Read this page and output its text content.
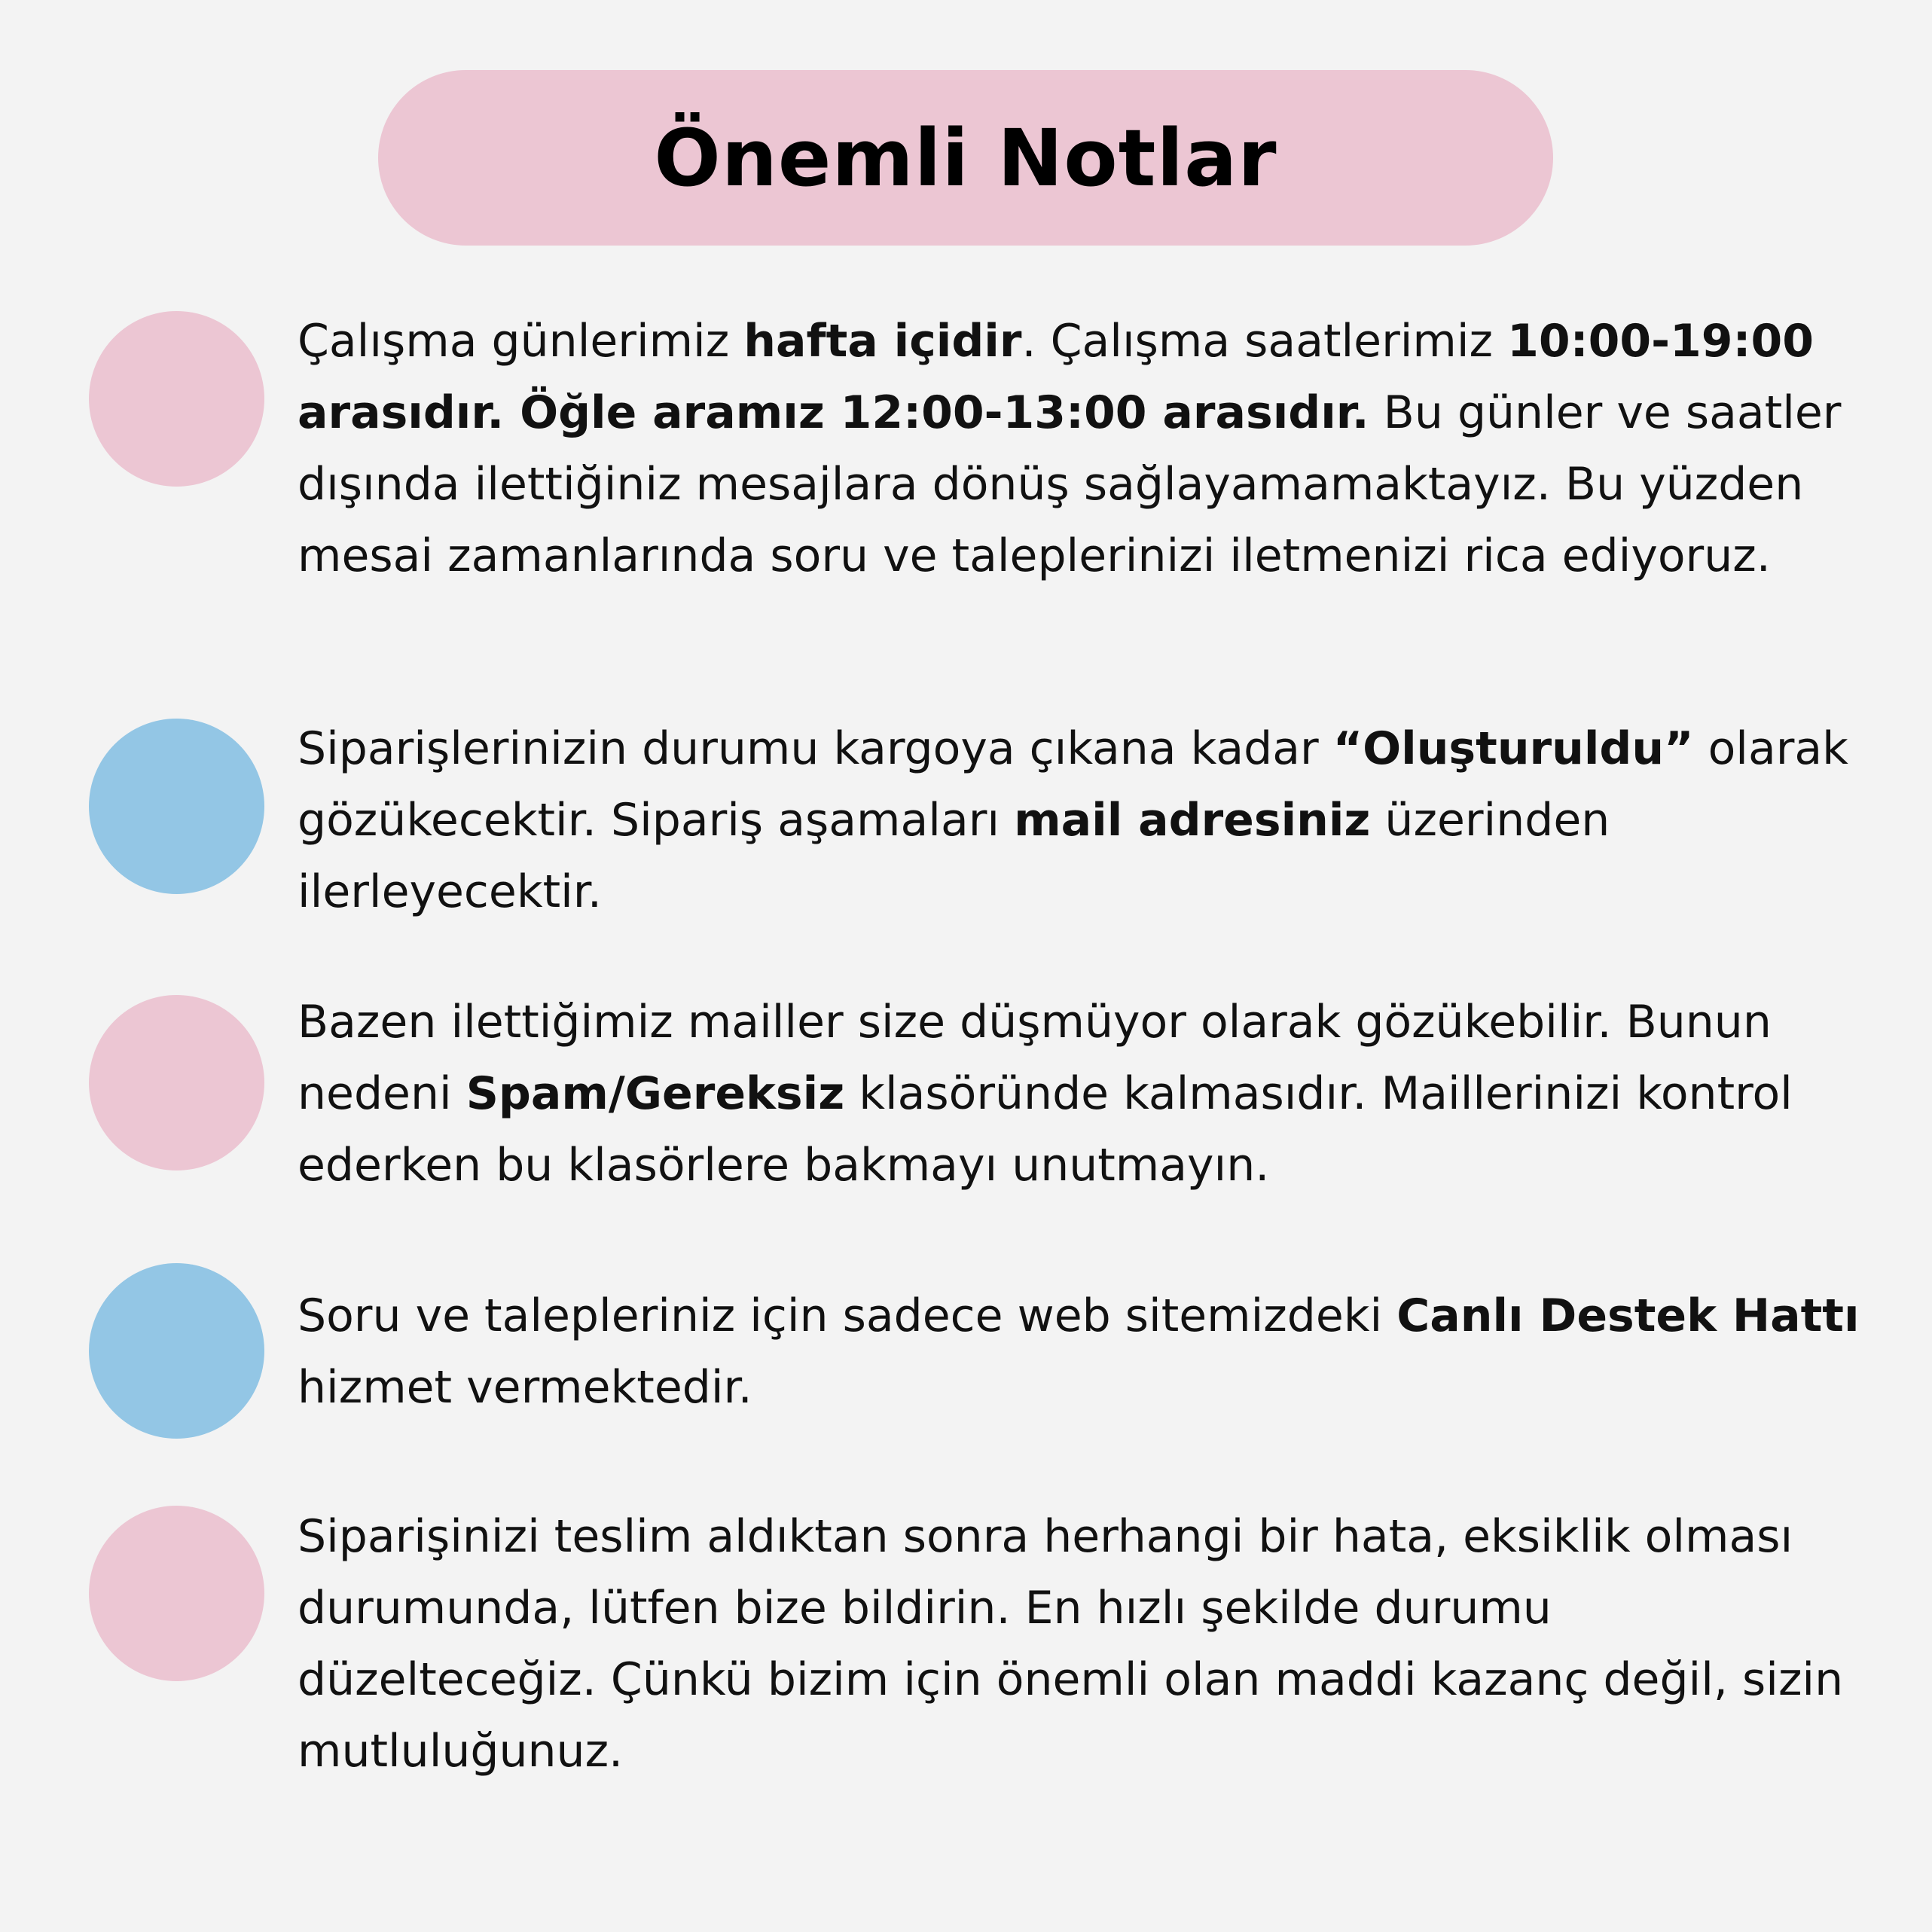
Önemli Notlar

Çalışma günlerimiz hafta içidir. Çalışma saatlerimiz 10:00-19:00 arasıdır. Öğle aramız 12:00-13:00 arasıdır. Bu günler ve saatler dışında ilettiğiniz mesajlara dönüş sağlayamamaktayız. Bu yüzden mesai zamanlarında soru ve taleplerinizi iletmenizi rica ediyoruz.

Siparişlerinizin durumu kargoya çıkana kadar “Oluşturuldu” olarak gözükecektir. Sipariş aşamaları mail adresiniz üzerinden ilerleyecektir.

Bazen ilettiğimiz mailler size düşmüyor olarak gözükebilir. Bunun nedeni Spam/Gereksiz klasöründe kalmasıdır. Maillerinizi kontrol ederken bu klasörlere bakmayı unutmayın.

Soru ve talepleriniz için sadece web sitemizdeki Canlı Destek Hattı hizmet vermektedir.

Siparişinizi teslim aldıktan sonra herhangi bir hata, eksiklik olması durumunda, lütfen bize bildirin. En hızlı şekilde durumu düzelteceğiz. Çünkü bizim için önemli olan maddi kazanç değil, sizin mutluluğunuz.
